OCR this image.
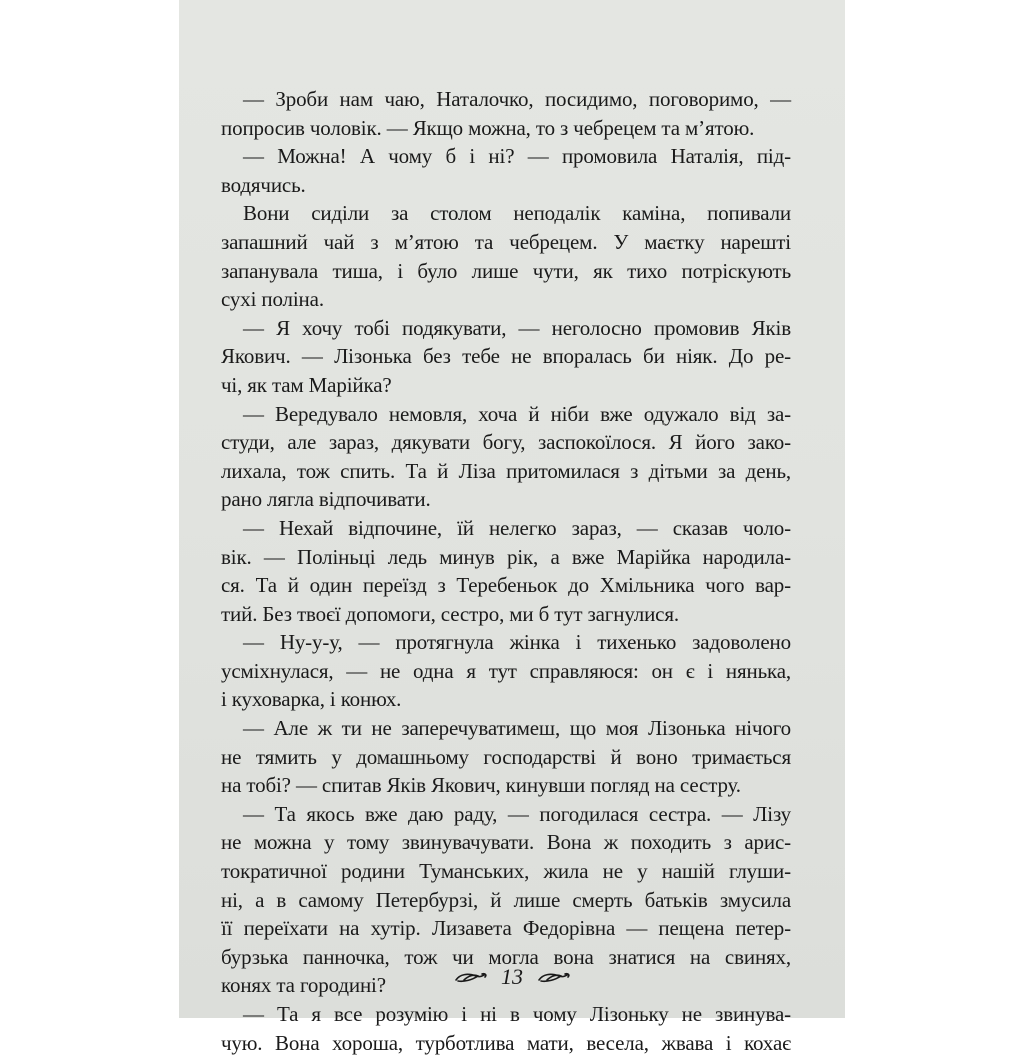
— Зроби нам чаю, Наталочко, посидимо, поговоримо, —
попросив чоловік. — Якщо можна, то з чебрецем та м’ятою.
— Можна! А чому б і ні? — промовила Наталія, під-
водячись.
Вони сиділи за столом неподалік каміна, попивали
запашний чай з м’ятою та чебрецем. У маєтку нарешті
запанувала тиша, і було лише чути, як тихо потріскують
сухі поліна.
— Я хочу тобі подякувати, — неголосно промовив Яків
Якович. — Лізонька без тебе не впоралась би ніяк. До ре-
чі, як там Марійка?
— Вередувало немовля, хоча й ніби вже одужало від за-
студи, але зараз, дякувати богу, заспокоїлося. Я його зако-
лихала, тож спить. Та й Ліза притомилася з дітьми за день,
рано лягла відпочивати.
— Нехай відпочине, їй нелегко зараз, — сказав чоло-
вік. — Поліньці ледь минув рік, а вже Марійка народила-
ся. Та й один переїзд з Теребеньок до Хмільника чого вар-
тий. Без твоєї допомоги, сестро, ми б тут загнулися.
— Ну-у-у, — протягнула жінка і тихенько задоволено
усміхнулася, — не одна я тут справляюся: он є і нянька,
і куховарка, і конюх.
— Але ж ти не заперечуватимеш, що моя Лізонька нічого
не тямить у домашньому господарстві й воно тримається
на тобі? — спитав Яків Якович, кинувши погляд на сестру.
— Та якось вже даю раду, — погодилася сестра. — Лізу
не можна у тому звинувачувати. Вона ж походить з арис-
тократичної родини Туманських, жила не у нашій глуши-
ні, а в самому Петербурзі, й лише смерть батьків змусила
її переїхати на хутір. Лизавета Федорівна — пещена петер-
бурзька панночка, тож чи могла вона знатися на свинях,
конях та городині?
— Та я все розумію і ні в чому Лізоньку не звинува-
чую. Вона хороша, турботлива мати, весела, жвава і кохає
13
